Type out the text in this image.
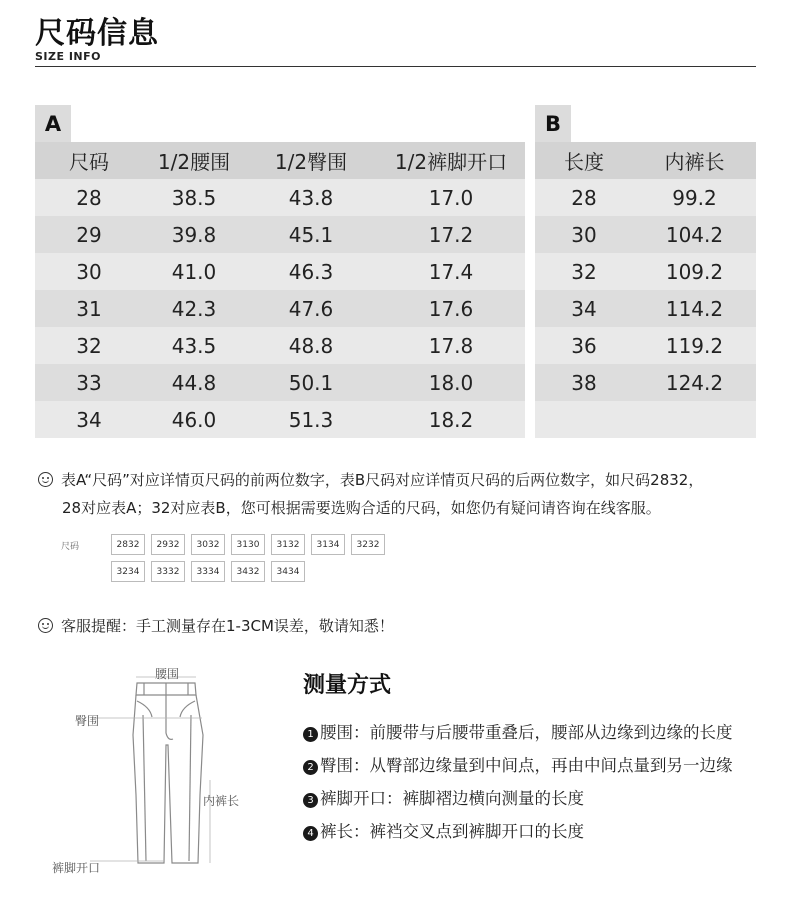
尺码信息
SIZE INFO
A
尺码	1/2腰围	1/2臀围	1/2裤脚开口
28	38.5	43.8	17.0
29	39.8	45.1	17.2
30	41.0	46.3	17.4
31	42.3	47.6	17.6
32	43.5	48.8	17.8
33	44.8	50.1	18.0
34	46.0	51.3	18.2
B
长度	内裤长
28	99.2
30	104.2
32	109.2
34	114.2
36	119.2
38	124.2
表A“尺码”对应详情页尺码的前两位数字，表B尺码对应详情页尺码的后两位数字，如尺码2832，
28对应表A；32对应表B，您可根据需要选购合适的尺码，如您仍有疑问请咨询在线客服。
尺码	2832	2932	3032	3130	3132	3134	3232
3234	3332	3334	3432	3434
客服提醒：手工测量存在1-3CM误差，敬请知悉！
腰围
臀围
内裤长
裤脚开口
测量方式
1 腰围：前腰带与后腰带重叠后，腰部从边缘到边缘的长度
2 臀围：从臀部边缘量到中间点，再由中间点量到另一边缘
3 裤脚开口：裤脚褶边横向测量的长度
4 裤长：裤裆交叉点到裤脚开口的长度
